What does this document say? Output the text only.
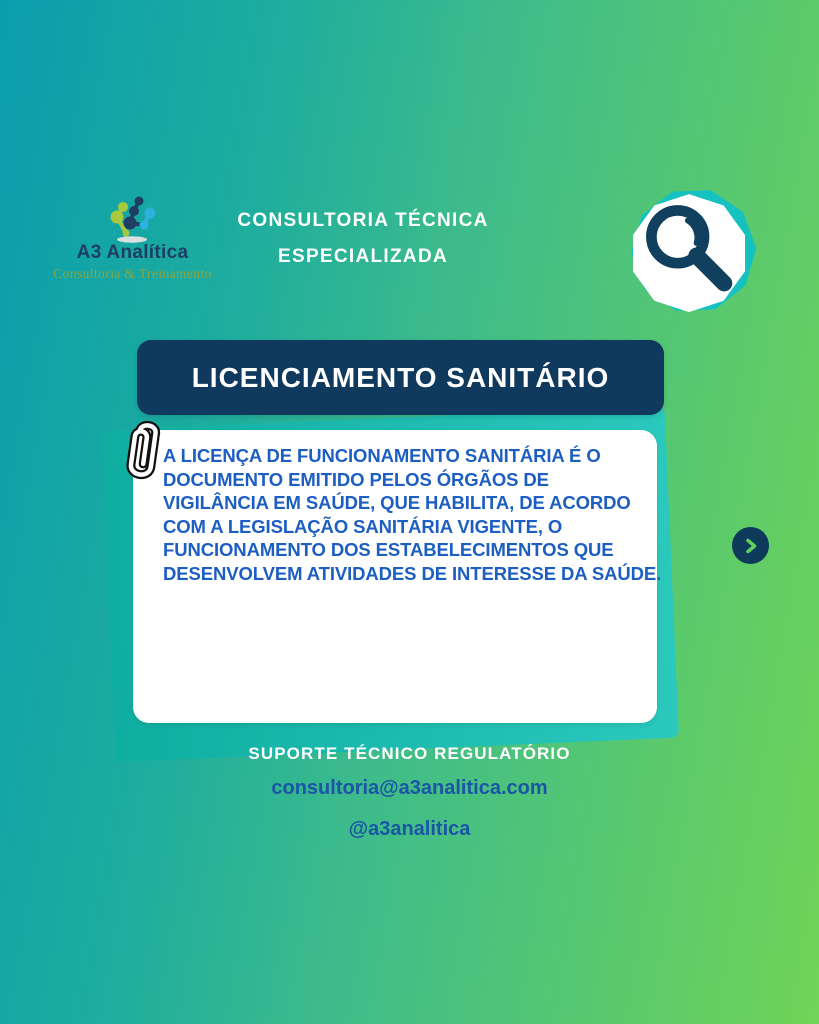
A3 Analítica
Consultoria & Treinamento
CONSULTORIA TÉCNICA
ESPECIALIZADA
LICENCIAMENTO SANITÁRIO
A LICENÇA DE FUNCIONAMENTO SANITÁRIA É O
DOCUMENTO EMITIDO PELOS ÓRGÃOS DE
VIGILÂNCIA EM SAÚDE, QUE HABILITA, DE ACORDO
COM A LEGISLAÇÃO SANITÁRIA VIGENTE, O
FUNCIONAMENTO DOS ESTABELECIMENTOS QUE
DESENVOLVEM ATIVIDADES DE INTERESSE DA SAÚDE.
SUPORTE TÉCNICO REGULATÓRIO
consultoria@a3analitica.com
@a3analitica
